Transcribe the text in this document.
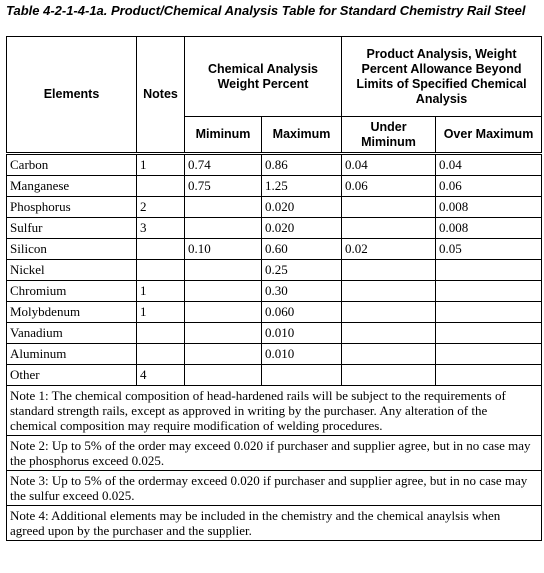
Table 4-2-1-4-1a. Product/Chemical Analysis Table for Standard Chemistry Rail Steel
Elements	Notes	Chemical Analysis Weight Percent		Product Analysis, Weight Percent Allowance Beyond Limits of Specified Chemical Analysis	
		Miminum	Maximum	Under Miminum	Over Maximum
Carbon	1	0.74	0.86	0.04	0.04
Manganese		0.75	1.25	0.06	0.06
Phosphorus	2		0.020		0.008
Sulfur	3		0.020		0.008
Silicon		0.10	0.60	0.02	0.05
Nickel			0.25		
Chromium	1		0.30		
Molybdenum	1		0.060		
Vanadium			0.010		
Aluminum			0.010		
Other	4				
Note 1: The chemical composition of head-hardened rails will be subject to the requirements of standard strength rails, except as approved in writing by the purchaser. Any alteration of the chemical composition may require modification of welding procedures.					
Note 2: Up to 5% of the order may exceed 0.020 if purchaser and supplier agree, but in no case may the phosphorus exceed 0.025.					
Note 3: Up to 5% of the ordermay exceed 0.020 if purchaser and supplier agree, but in no case may the sulfur exceed 0.025.					
Note 4: Additional elements may be included in the chemistry and the chemical anaylsis when agreed upon by the purchaser and the supplier.					
